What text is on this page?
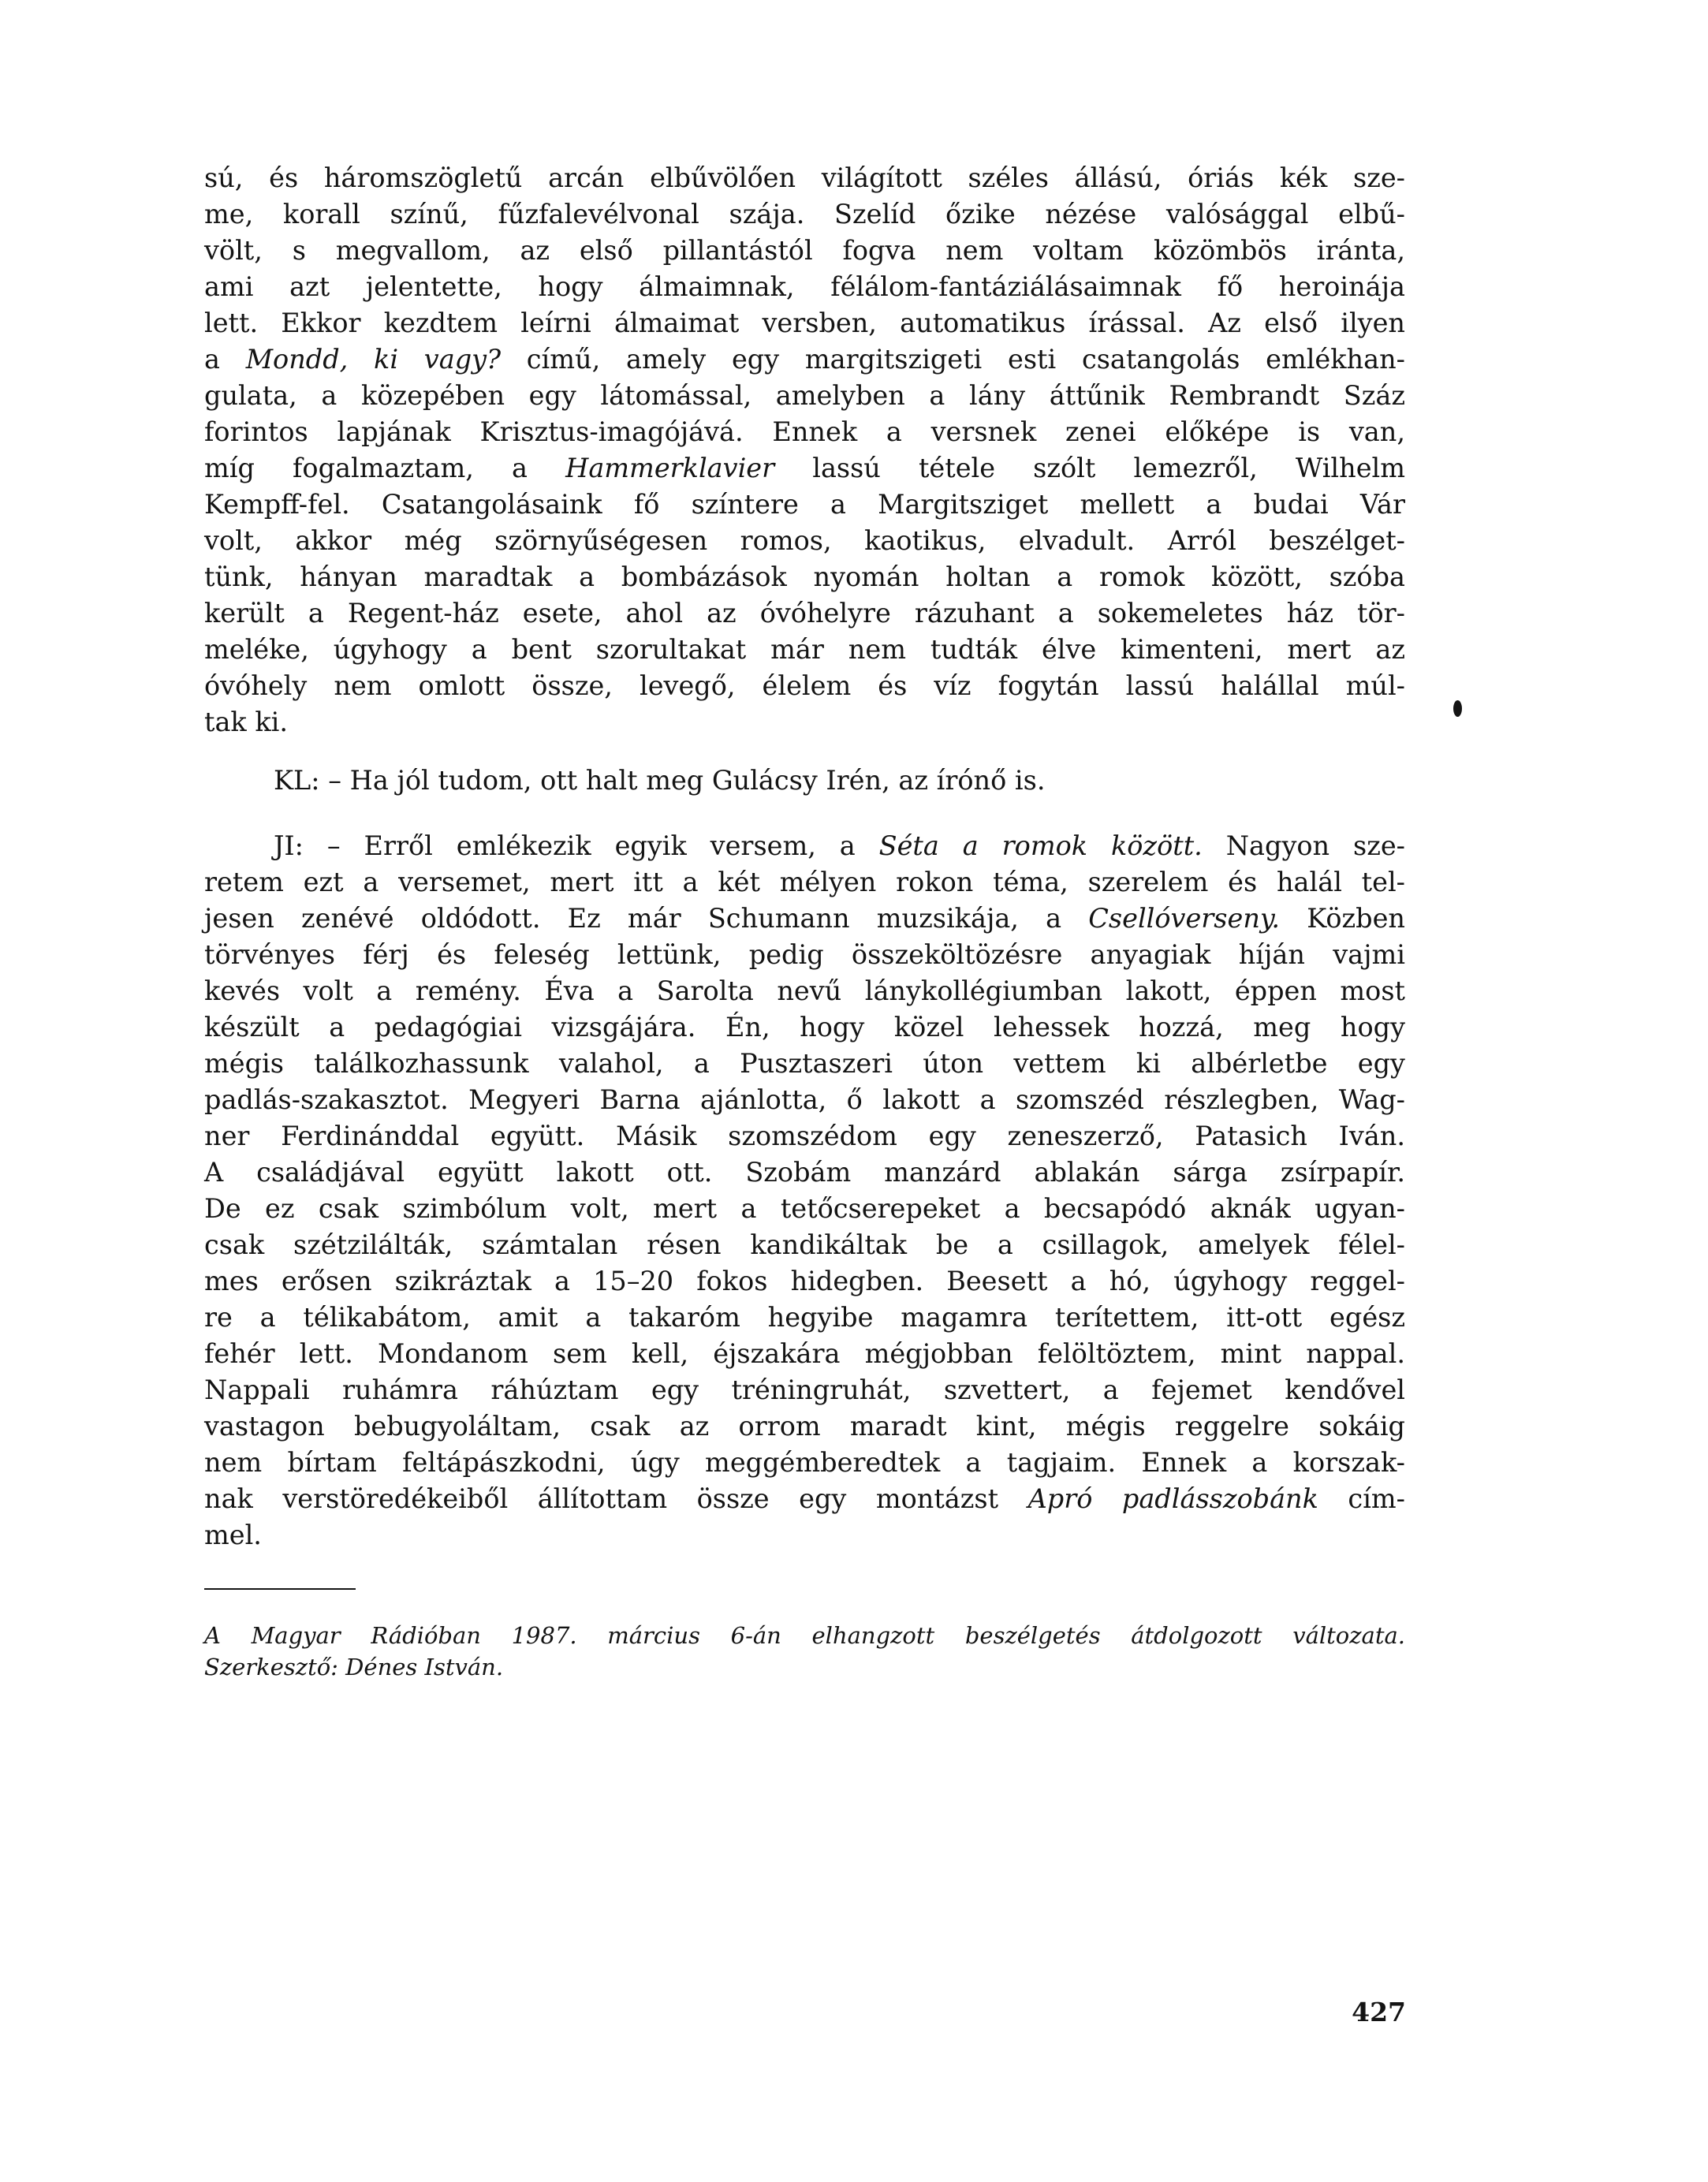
sú, és háromszögletű arcán elbűvölően világított széles állású, óriás kék sze-
me, korall színű, fűzfalevélvonal szája. Szelíd őzike nézése valósággal elbű-
völt, s megvallom, az első pillantástól fogva nem voltam közömbös iránta,
ami azt jelentette, hogy álmaimnak, félálom-fantáziálásaimnak fő heroinája
lett. Ekkor kezdtem leírni álmaimat versben, automatikus írással. Az első ilyen
a Mondd, ki vagy? című, amely egy margitszigeti esti csatangolás emlékhan-
gulata, a közepében egy látomással, amelyben a lány áttűnik Rembrandt Száz
forintos lapjának Krisztus-imagójává. Ennek a versnek zenei előképe is van,
míg fogalmaztam, a Hammerklavier lassú tétele szólt lemezről, Wilhelm
Kempff-fel. Csatangolásaink fő színtere a Margitsziget mellett a budai Vár
volt, akkor még szörnyűségesen romos, kaotikus, elvadult. Arról beszélget-
tünk, hányan maradtak a bombázások nyomán holtan a romok között, szóba
került a Regent-ház esete, ahol az óvóhelyre rázuhant a sokemeletes ház tör-
meléke, úgyhogy a bent szorultakat már nem tudták élve kimenteni, mert az
óvóhely nem omlott össze, levegő, élelem és víz fogytán lassú halállal múl-
tak ki.
KL: – Ha jól tudom, ott halt meg Gulácsy Irén, az írónő is.
JI: – Erről emlékezik egyik versem, a Séta a romok között. Nagyon sze-
retem ezt a versemet, mert itt a két mélyen rokon téma, szerelem és halál tel-
jesen zenévé oldódott. Ez már Schumann muzsikája, a Csellóverseny. Közben
törvényes férj és feleség lettünk, pedig összeköltözésre anyagiak híján vajmi
kevés volt a remény. Éva a Sarolta nevű lánykollégiumban lakott, éppen most
készült a pedagógiai vizsgájára. Én, hogy közel lehessek hozzá, meg hogy
mégis találkozhassunk valahol, a Pusztaszeri úton vettem ki albérletbe egy
padlás-szakasztot. Megyeri Barna ajánlotta, ő lakott a szomszéd részlegben, Wag-
ner Ferdinánddal együtt. Másik szomszédom egy zeneszerző, Patasich Iván.
A családjával együtt lakott ott. Szobám manzárd ablakán sárga zsírpapír.
De ez csak szimbólum volt, mert a tetőcserepeket a becsapódó aknák ugyan-
csak szétzilálták, számtalan résen kandikáltak be a csillagok, amelyek félel-
mes erősen szikráztak a 15–20 fokos hidegben. Beesett a hó, úgyhogy reggel-
re a télikabátom, amit a takaróm hegyibe magamra terítettem, itt-ott egész
fehér lett. Mondanom sem kell, éjszakára mégjobban felöltöztem, mint nappal.
Nappali ruhámra ráhúztam egy tréningruhát, szvettert, a fejemet kendővel
vastagon bebugyoláltam, csak az orrom maradt kint, mégis reggelre sokáig
nem bírtam feltápászkodni, úgy meggémberedtek a tagjaim. Ennek a korszak-
nak verstöredékeiből állítottam össze egy montázst Apró padlásszobánk cím-
mel.
A Magyar Rádióban 1987. március 6-án elhangzott beszélgetés átdolgozott változata.
Szerkesztő: Dénes István.
427
